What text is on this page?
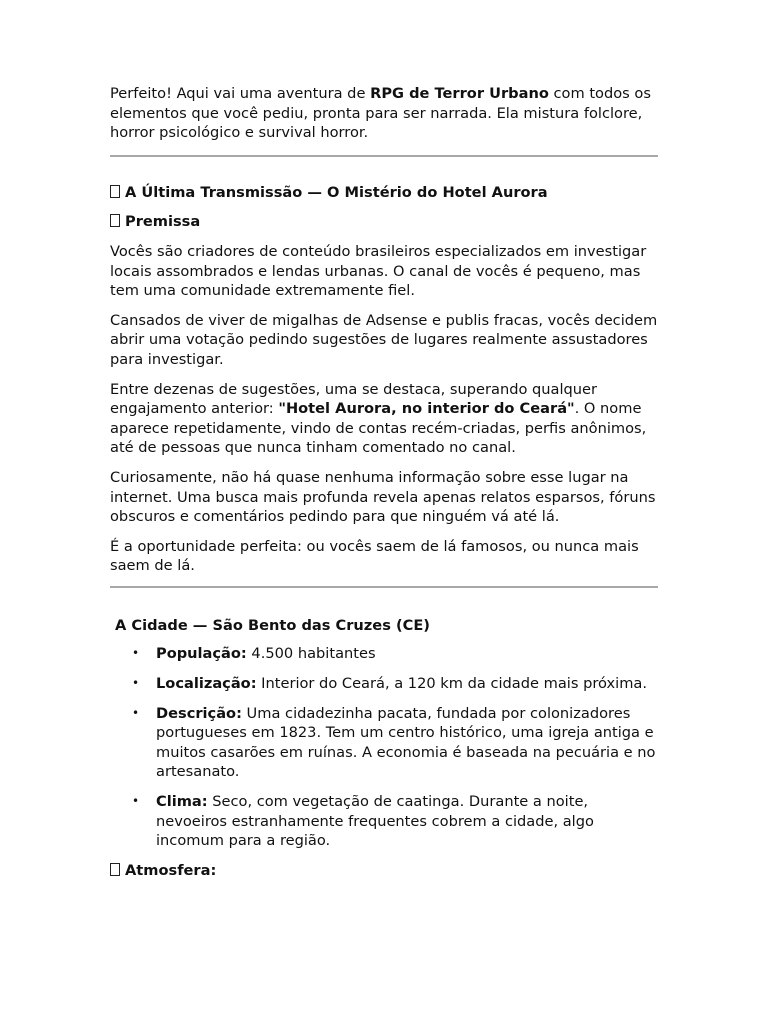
Perfeito! Aqui vai uma aventura de RPG de Terror Urbano com todos os elementos que você pediu, pronta para ser narrada. Ela mistura folclore, horror psicológico e survival horror.

A Última Transmissão — O Mistério do Hotel Aurora
Premissa

Vocês são criadores de conteúdo brasileiros especializados em investigar locais assombrados e lendas urbanas. O canal de vocês é pequeno, mas tem uma comunidade extremamente fiel.

Cansados de viver de migalhas de Adsense e publis fracas, vocês decidem abrir uma votação pedindo sugestões de lugares realmente assustadores para investigar.

Entre dezenas de sugestões, uma se destaca, superando qualquer engajamento anterior: "Hotel Aurora, no interior do Ceará". O nome aparece repetidamente, vindo de contas recém-criadas, perfis anônimos, até de pessoas que nunca tinham comentado no canal.

Curiosamente, não há quase nenhuma informação sobre esse lugar na internet. Uma busca mais profunda revela apenas relatos esparsos, fóruns obscuros e comentários pedindo para que ninguém vá até lá.

É a oportunidade perfeita: ou vocês saem de lá famosos, ou nunca mais saem de lá.

A Cidade — São Bento das Cruzes (CE)
• População: 4.500 habitantes
• Localização: Interior do Ceará, a 120 km da cidade mais próxima.
• Descrição: Uma cidadezinha pacata, fundada por colonizadores portugueses em 1823. Tem um centro histórico, uma igreja antiga e muitos casarões em ruínas. A economia é baseada na pecuária e no artesanato.
• Clima: Seco, com vegetação de caatinga. Durante a noite, nevoeiros estranhamente frequentes cobrem a cidade, algo incomum para a região.
Atmosfera:
